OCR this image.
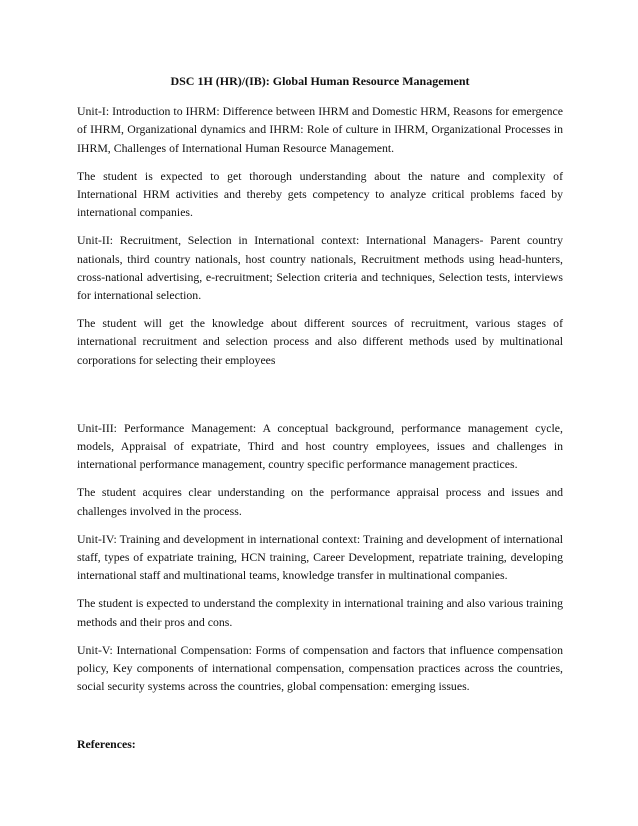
DSC 1H (HR)/(IB): Global Human Resource Management

Unit-I: Introduction to IHRM: Difference between IHRM and Domestic HRM, Reasons for emergence of IHRM, Organizational dynamics and IHRM: Role of culture in IHRM, Organizational Processes in IHRM, Challenges of International Human Resource Management.

The student is expected to get thorough understanding about the nature and complexity of International HRM activities and thereby gets competency to analyze critical problems faced by international companies.

Unit-II: Recruitment, Selection in International context: International Managers- Parent country nationals, third country nationals, host country nationals, Recruitment methods using head-hunters, cross-national advertising, e-recruitment; Selection criteria and techniques, Selection tests, interviews for international selection.

The student will get the knowledge about different sources of recruitment, various stages of international recruitment and selection process and also different methods used by multinational corporations for selecting their employees

Unit-III: Performance Management: A conceptual background, performance management cycle, models, Appraisal of expatriate, Third and host country employees, issues and challenges in international performance management, country specific performance management practices.

The student acquires clear understanding on the performance appraisal process and issues and challenges involved in the process.

Unit-IV: Training and development in international context: Training and development of international staff, types of expatriate training, HCN training, Career Development, repatriate training, developing international staff and multinational teams, knowledge transfer in multinational companies.

The student is expected to understand the complexity in international training and also various training methods and their pros and cons.

Unit-V: International Compensation: Forms of compensation and factors that influence compensation policy, Key components of international compensation, compensation practices across the countries, social security systems across the countries, global compensation: emerging issues.

References:
